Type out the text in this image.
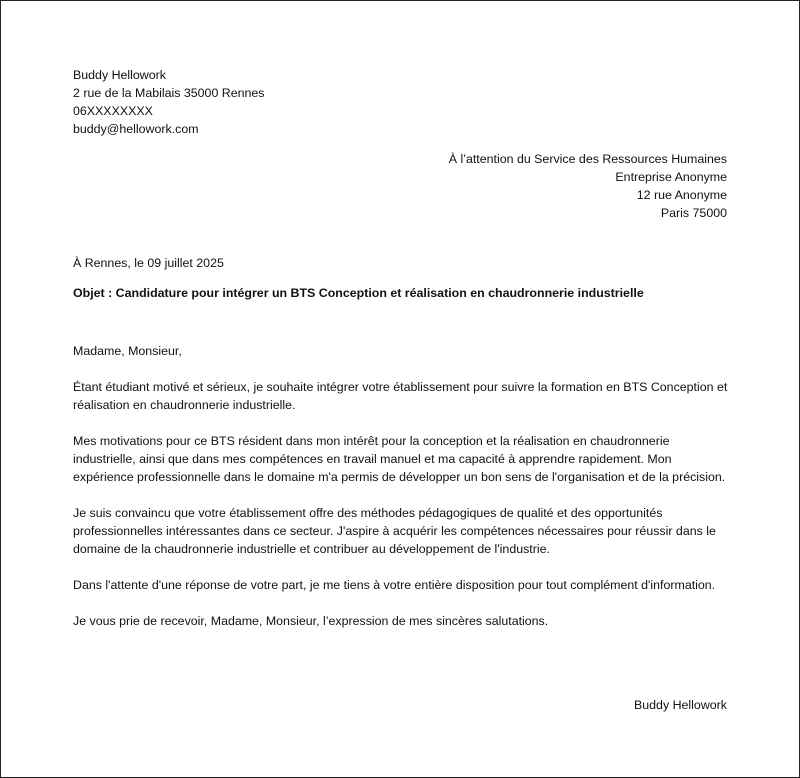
Buddy Hellowork
2 rue de la Mabilais 35000 Rennes
06XXXXXXXX
buddy@hellowork.com
À l’attention du Service des Ressources Humaines
Entreprise Anonyme
12 rue Anonyme
Paris 75000
À Rennes, le 09 juillet 2025
Objet : Candidature pour intégrer un BTS Conception et réalisation en chaudronnerie industrielle

Madame, Monsieur,

Étant étudiant motivé et sérieux, je souhaite intégrer votre établissement pour suivre la formation en BTS Conception et réalisation en chaudronnerie industrielle.

Mes motivations pour ce BTS résident dans mon intérêt pour la conception et la réalisation en chaudronnerie industrielle, ainsi que dans mes compétences en travail manuel et ma capacité à apprendre rapidement. Mon expérience professionnelle dans le domaine m'a permis de développer un bon sens de l'organisation et de la précision.

Je suis convaincu que votre établissement offre des méthodes pédagogiques de qualité et des opportunités professionnelles intéressantes dans ce secteur. J'aspire à acquérir les compétences nécessaires pour réussir dans le domaine de la chaudronnerie industrielle et contribuer au développement de l'industrie.

Dans l'attente d'une réponse de votre part, je me tiens à votre entière disposition pour tout complément d'information.

Je vous prie de recevoir, Madame, Monsieur, l’expression de mes sincères salutations.

Buddy Hellowork
